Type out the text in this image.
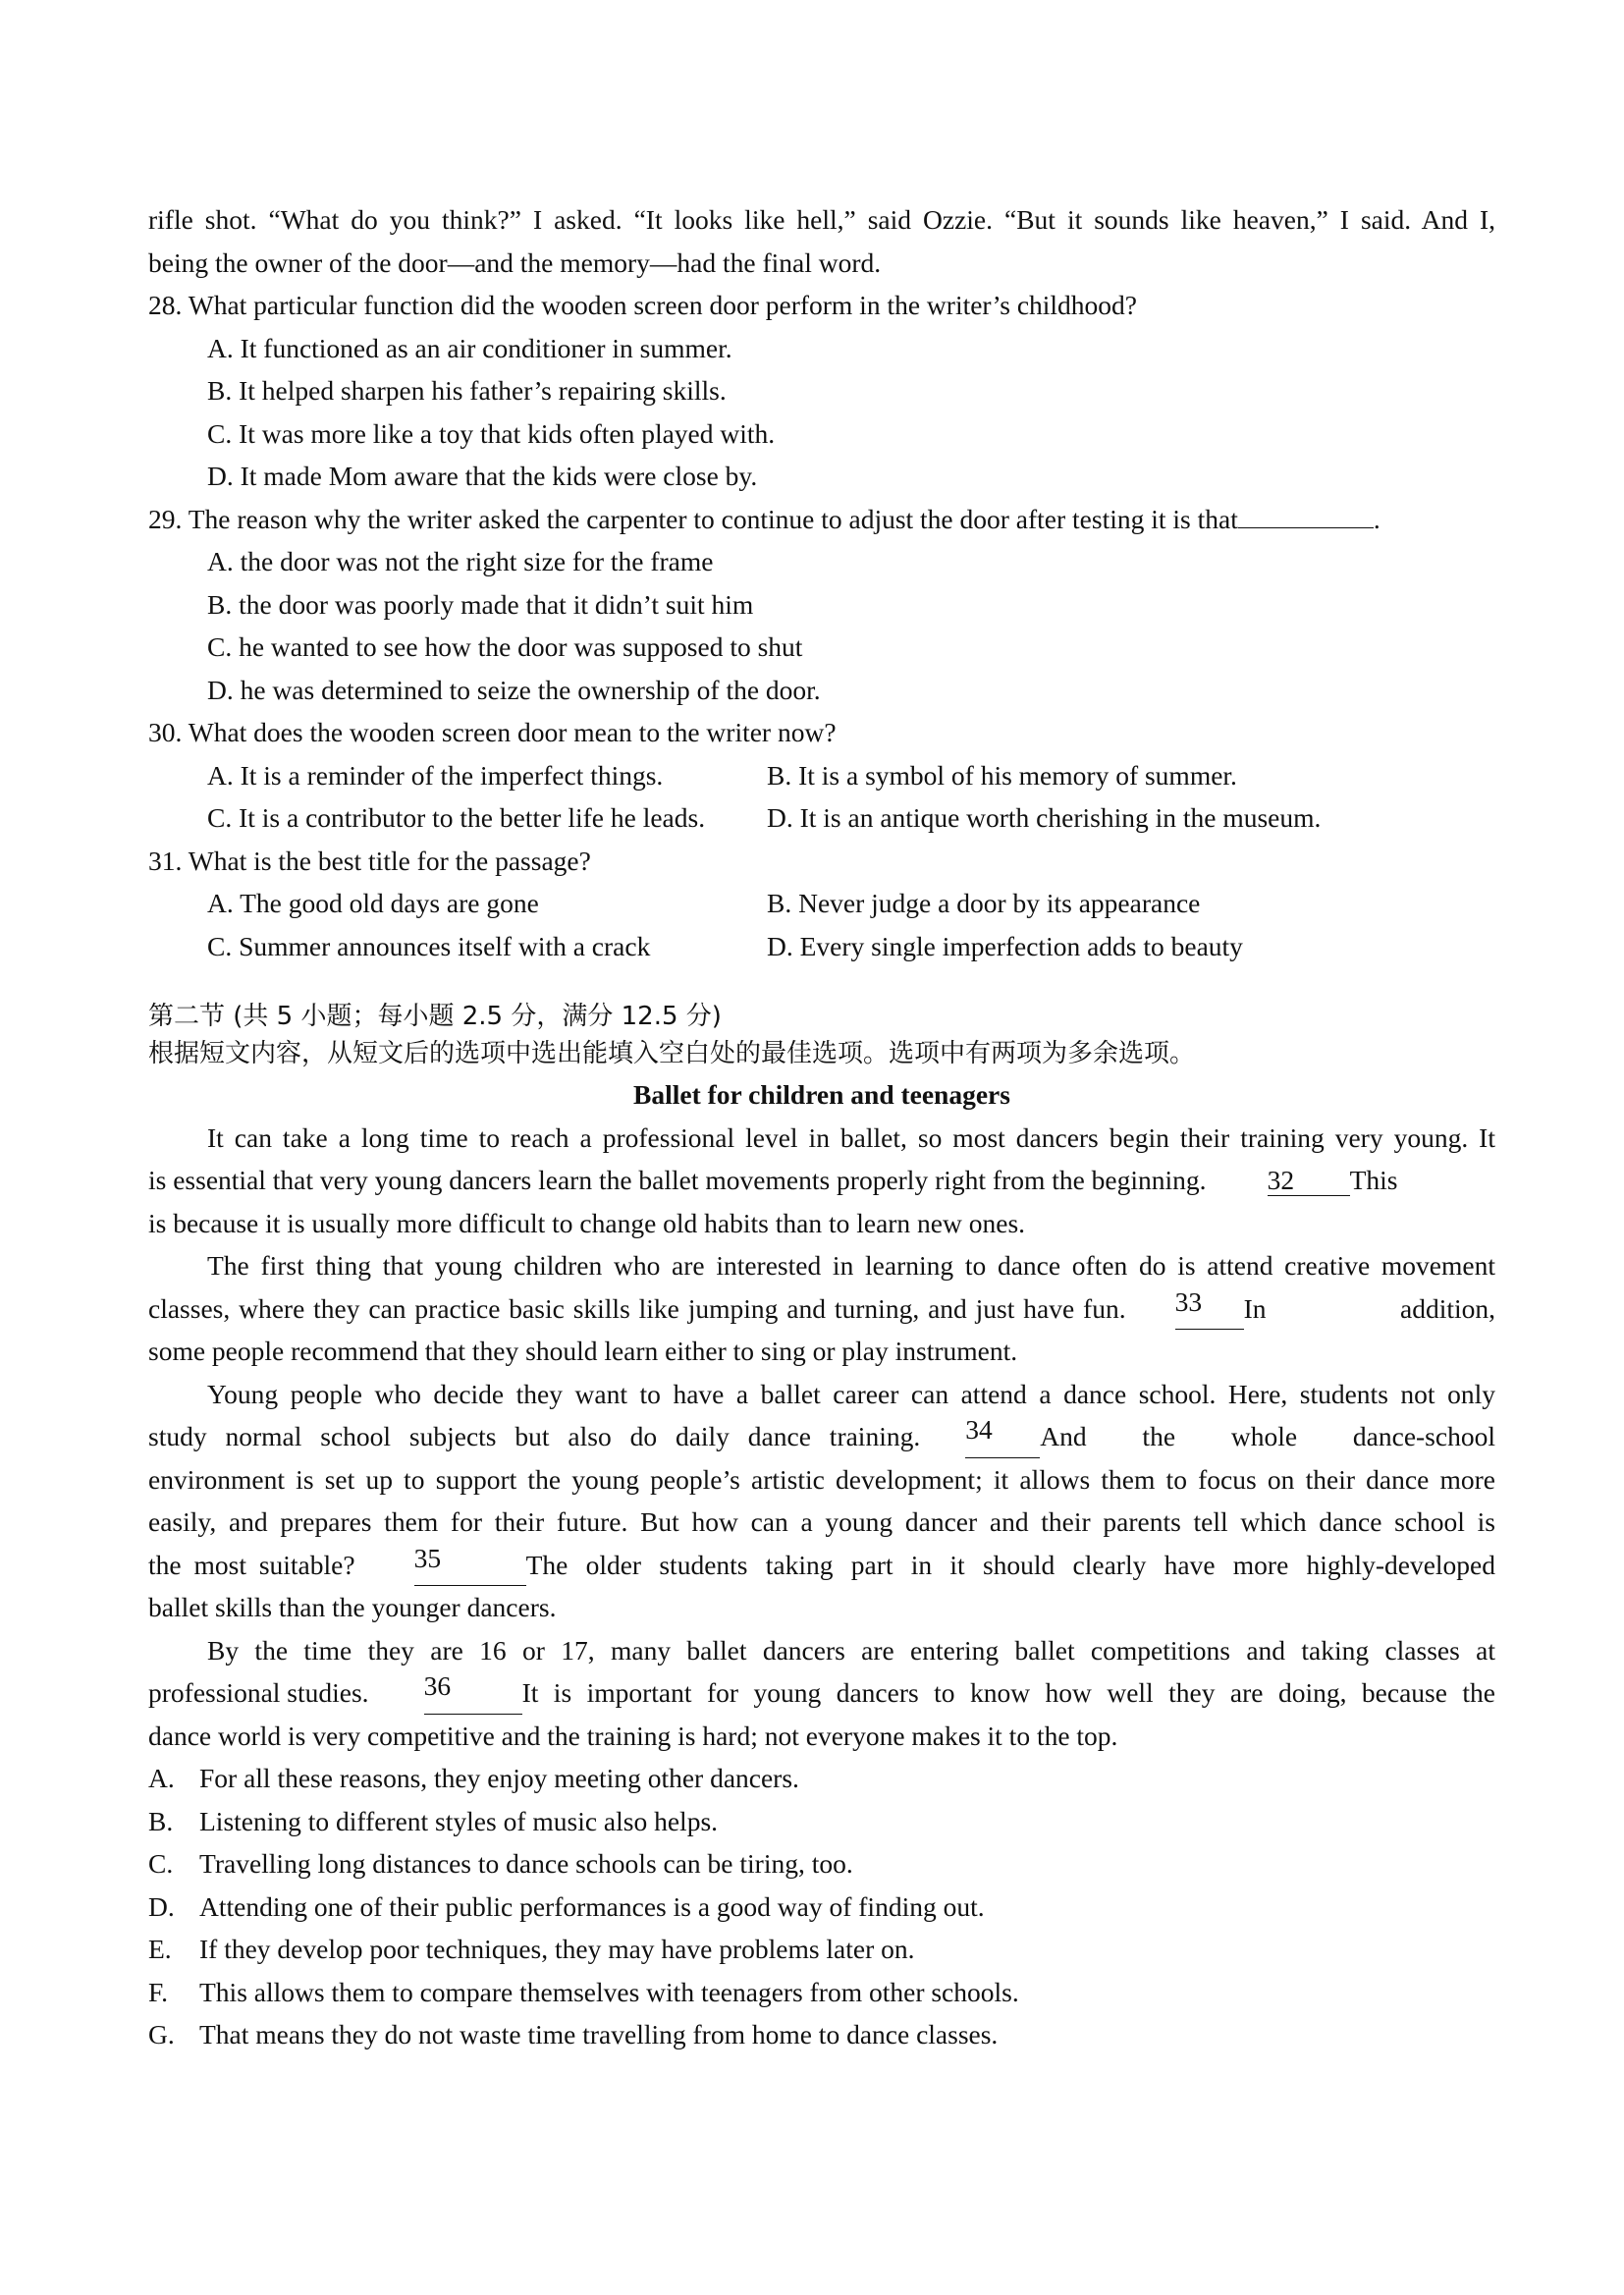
rifle shot. “What do you think?” I asked. “It looks like hell,” said Ozzie. “But it sounds like heaven,” I said. And I,
being the owner of the door—and the memory—had the final word.
28. What particular function did the wooden screen door perform in the writer’s childhood?
A. It functioned as an air conditioner in summer.
B. It helped sharpen his father’s repairing skills.
C. It was more like a toy that kids often played with.
D. It made Mom aware that the kids were close by.
29. The reason why the writer asked the carpenter to continue to adjust the door after testing it is that	.
A. the door was not the right size for the frame
B. the door was poorly made that it didn’t suit him
C. he wanted to see how the door was supposed to shut
D. he was determined to seize the ownership of the door.
30. What does the wooden screen door mean to the writer now?
A. It is a reminder of the imperfect things.	B. It is a symbol of his memory of summer.
C. It is a contributor to the better life he leads.	D. It is an antique worth cherishing in the museum.
31. What is the best title for the passage?
A. The good old days are gone	B. Never judge a door by its appearance
C. Summer announces itself with a crack	D. Every single imperfection adds to beauty
第二节 (共 5 小题；每小题 2.5 分，满分 12.5 分)
根据短文内容，从短文后的选项中选出能填入空白处的最佳选项。选项中有两项为多余选项。
Ballet for children and teenagers
It can take a long time to reach a professional level in ballet, so most dancers begin their training very young. It
is essential that very young dancers learn the ballet movements properly right from the beginning. 32 This
is because it is usually more difficult to change old habits than to learn new ones.
The first thing that young children who are interested in learning to dance often do is attend creative movement
classes, where they can practice basic skills like jumping and turning, and just have fun. 33	In addition,
some people recommend that they should learn either to sing or play instrument.
Young people who decide they want to have a ballet career can attend a dance school. Here, students not only
study normal school subjects but also do daily dance training. 34	And the whole dance-school
environment is set up to support the young people’s artistic development; it allows them to focus on their dance more
easily, and prepares them for their future. But how can a young dancer and their parents tell which dance school is
the most suitable? 35	The older students taking part in it should clearly have more highly-developed
ballet skills than the younger dancers.
By the time they are 16 or 17, many ballet dancers are entering ballet competitions and taking classes at
professional studies. 36	It is important for young dancers to know how well they are doing, because the
dance world is very competitive and the training is hard; not everyone makes it to the top.
A. For all these reasons, they enjoy meeting other dancers.
B. Listening to different styles of music also helps.
C. Travelling long distances to dance schools can be tiring, too.
D. Attending one of their public performances is a good way of finding out.
E. If they develop poor techniques, they may have problems later on.
F. This allows them to compare themselves with teenagers from other schools.
G. That means they do not waste time travelling from home to dance classes.
